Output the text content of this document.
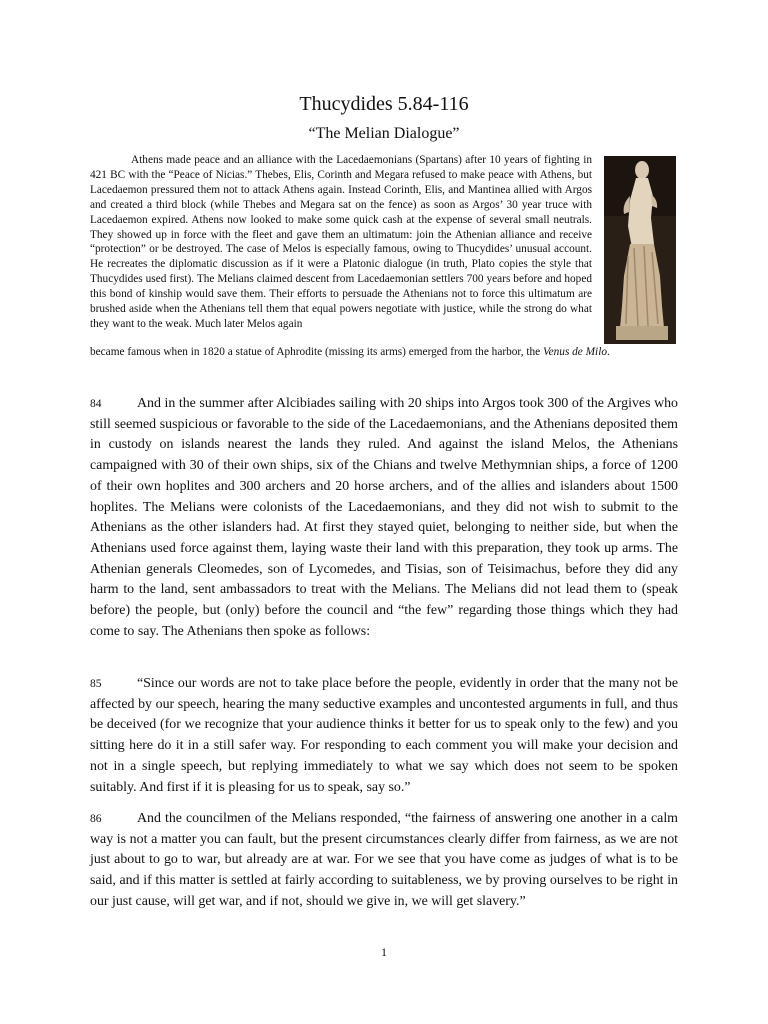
Thucydides 5.84-116
“The Melian Dialogue”

Athens made peace and an alliance with the Lacedaemonians (Spartans) after 10 years of fighting in 421 BC with the “Peace of Nicias.” Thebes, Elis, Corinth and Megara refused to make peace with Athens, but Lacedaemon pressured them not to attack Athens again. Instead Corinth, Elis, and Mantinea allied with Argos and created a third block (while Thebes and Megara sat on the fence) as soon as Argos’ 30 year truce with Lacedaemon expired. Athens now looked to make some quick cash at the expense of several small neutrals. They showed up in force with the fleet and gave them an ultimatum: join the Athenian alliance and receive “protection” or be destroyed. The case of Melos is especially famous, owing to Thucydides’ unusual account. He recreates the diplomatic discussion as if it were a Platonic dialogue (in truth, Plato copies the style that Thucydides used first). The Melians claimed descent from Lacedaemonian settlers 700 years before and hoped this bond of kinship would save them. Their efforts to persuade the Athenians not to force this ultimatum are brushed aside when the Athenians tell them that equal powers negotiate with justice, while the strong do what they want to the weak. Much later Melos again

became famous when in 1820 a statue of Aphrodite (missing its arms) emerged from the harbor, the Venus de Milo.

84	And in the summer after Alcibiades sailing with 20 ships into Argos took 300 of the Argives who still seemed suspicious or favorable to the side of the Lacedaemonians, and the Athenians deposited them in custody on islands nearest the lands they ruled. And against the island Melos, the Athenians campaigned with 30 of their own ships, six of the Chians and twelve Methymnian ships, a force of 1200 of their own hoplites and 300 archers and 20 horse archers, and of the allies and islanders about 1500 hoplites. The Melians were colonists of the Lacedaemonians, and they did not wish to submit to the Athenians as the other islanders had. At first they stayed quiet, belonging to neither side, but when the Athenians used force against them, laying waste their land with this preparation, they took up arms. The Athenian generals Cleomedes, son of Lycomedes, and Tisias, son of Teisimachus, before they did any harm to the land, sent ambassadors to treat with the Melians. The Melians did not lead them to (speak before) the people, but (only) before the council and “the few” regarding those things which they had come to say. The Athenians then spoke as follows:

85	“Since our words are not to take place before the people, evidently in order that the many not be affected by our speech, hearing the many seductive examples and uncontested arguments in full, and thus be deceived (for we recognize that your audience thinks it better for us to speak only to the few) and you sitting here do it in a still safer way. For responding to each comment you will make your decision and not in a single speech, but replying immediately to what we say which does not seem to be spoken suitably. And first if it is pleasing for us to speak, say so.”

86	And the councilmen of the Melians responded, “the fairness of answering one another in a calm way is not a matter you can fault, but the present circumstances clearly differ from fairness, as we are not just about to go to war, but already are at war. For we see that you have come as judges of what is to be said, and if this matter is settled at fairly according to suitableness, we by proving ourselves to be right in our just cause, will get war, and if not, should we give in, we will get slavery.”

1
